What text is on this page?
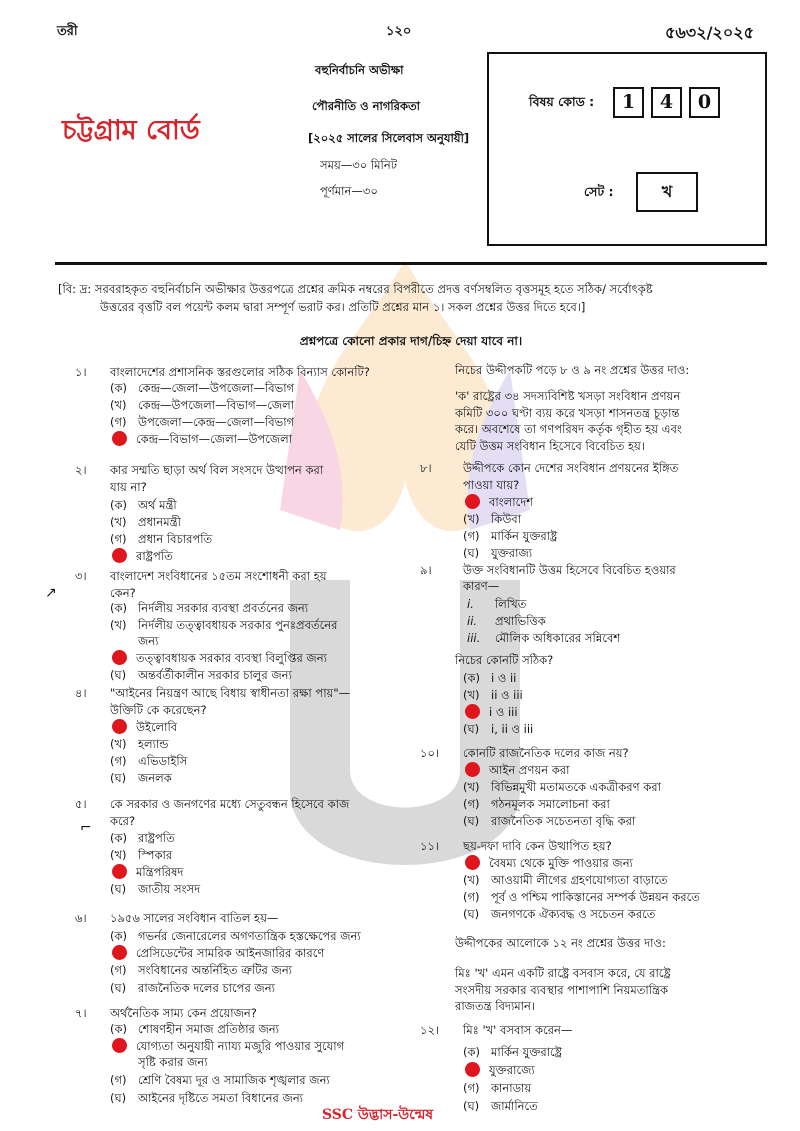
তরী	১২০	৫৬৩২/২০২৫
চট্টগ্রাম বোর্ড
বহুনির্বাচনি অভীক্ষা
পৌরনীতি ও নাগরিকতা
[২০২৫ সালের সিলেবাস অনুযায়ী]
সময়—৩০ মিনিট
পূর্ণমান—৩০
বিষয় কোড :	1	4	0
সেট :	খ
[বি: দ্র: সরবরাহকৃত বহুনির্বাচনি অভীক্ষার উত্তরপত্রে প্রশ্নের ক্রমিক নম্বরের বিপরীতে প্রদত্ত বর্ণসম্বলিত বৃত্তসমূহ হতে সঠিক/ সর্বোৎকৃষ্ট
উত্তরের বৃত্তটি বল পয়েন্ট কলম দ্বারা সম্পূর্ণ ভরাট কর। প্রতিটি প্রশ্নের মান ১। সকল প্রশ্নের উত্তর দিতে হবে।]
প্রশ্নপত্রে কোনো প্রকার দাগ/চিহ্ন দেয়া যাবে না।
১। বাংলাদেশের প্রশাসনিক স্তরগুলোর সঠিক বিন্যাস কোনটি?
(ক) কেন্দ্র—জেলা—উপজেলা—বিভাগ
(খ) কেন্দ্র—উপজেলা—বিভাগ—জেলা
(গ) উপজেলা—কেন্দ্র—জেলা—বিভাগ
কেন্দ্র—বিভাগ—জেলা—উপজেলা
২। কার সম্মতি ছাড়া অর্থ বিল সংসদে উত্থাপন করা
যায় না?
(ক) অর্থ মন্ত্রী
(খ) প্রধানমন্ত্রী
(গ) প্রধান বিচারপতি
রাষ্ট্রপতি
৩। বাংলাদেশ সংবিধানের ১৫তম সংশোধনী করা হয়
কেন?
(ক) নির্দলীয় সরকার ব্যবস্থা প্রবর্তনের জন্য
(খ) নির্দলীয় তত্ত্বাবধায়ক সরকার পুনঃপ্রবর্তনের
জন্য
তত্ত্বাবধায়ক সরকার ব্যবস্থা বিলুপ্তির জন্য
(ঘ) অন্তর্বর্তীকালীন সরকার চালুর জন্য
৪। "আইনের নিয়ন্ত্রণ আছে বিধায় স্বাধীনতা রক্ষা পায়"—
উক্তিটি কে করেছেন?
উইলোবি
(খ) হল্যান্ড
(গ) এভিডাইসি
(ঘ) জনলক
৫। কে সরকার ও জনগণের মধ্যে সেতুবন্ধন হিসেবে কাজ
করে?
(ক) রাষ্ট্রপতি
(খ) স্পিকার
মন্ত্রিপরিষদ
(ঘ) জাতীয় সংসদ
৬। ১৯৫৬ সালের সংবিধান বাতিল হয়—
(ক) গভর্নর জেনারেলের অগণতান্ত্রিক হস্তক্ষেপের জন্য
প্রেসিডেন্টের সামরিক আইনজারির কারণে
(গ) সংবিধানের অন্তর্নিহিত ত্রুটির জন্য
(ঘ) রাজনৈতিক দলের চাপের জন্য
৭। অর্থনৈতিক সাম্য কেন প্রয়োজন?
(ক) শোষণহীন সমাজ প্রতিষ্ঠার জন্য
যোগ্যতা অনুযায়ী ন্যায্য মজুরি পাওয়ার সুযোগ
সৃষ্টি করার জন্য
(গ) শ্রেণি বৈষম্য দূর ও সামাজিক শৃঙ্খলার জন্য
(ঘ) আইনের দৃষ্টিতে সমতা বিধানের জন্য
নিচের উদ্দীপকটি পড়ে ৮ ও ৯ নং প্রশ্নের উত্তর দাও:
'ক' রাষ্ট্রের ৩৪ সদস্যবিশিষ্ট খসড়া সংবিধান প্রণয়ন
কমিটি ৩০০ ঘণ্টা ব্যয় করে খসড়া শাসনতন্ত্র চূড়ান্ত
করে। অবশেষে তা গণপরিষদ কর্তৃক গৃহীত হয় এবং
যেটি উত্তম সংবিধান হিসেবে বিবেচিত হয়।
৮।	উদ্দীপকে কোন দেশের সংবিধান প্রণয়নের ইঙ্গিত
পাওয়া যায়?
বাংলাদেশ
(খ) কিউবা
(গ) মার্কিন যুক্তরাষ্ট্র
(ঘ) যুক্তরাজ্য
৯।	উক্ত সংবিধানটি উত্তম হিসেবে বিবেচিত হওয়ার
কারণ—
i. লিখিত
ii. প্রথাভিত্তিক
iii. মৌলিক অধিকারের সন্নিবেশ
নিচের কোনটি সঠিক?
(ক) i ও ii
(খ) ii ও iii
i ও iii
(ঘ) i, ii ও iii
১০। কোনটি রাজনৈতিক দলের কাজ নয়?
আইন প্রণয়ন করা
(খ) বিভিন্নমুখী মতামতকে একত্রীকরণ করা
(গ) গঠনমূলক সমালোচনা করা
(ঘ) রাজনৈতিক সচেতনতা বৃদ্ধি করা
১১। ছয়-দফা দাবি কেন উত্থাপিত হয়?
বৈষম্য থেকে মুক্তি পাওয়ার জন্য
(খ) আওয়ামী লীগের গ্রহণযোগ্যতা বাড়াতে
(গ) পূর্ব ও পশ্চিম পাকিস্তানের সম্পর্ক উন্নয়ন করতে
(ঘ) জনগণকে ঐক্যবদ্ধ ও সচেতন করতে
উদ্দীপকের আলোকে ১২ নং প্রশ্নের উত্তর দাও:
মিঃ 'খ' এমন একটি রাষ্ট্রে বসবাস করে, যে রাষ্ট্রে
সংসদীয় সরকার ব্যবস্থার পাশাপাশি নিয়মতান্ত্রিক
রাজতন্ত্র বিদ্যমান।
১২। মিঃ 'খ' বসবাস করেন—
(ক) মার্কিন যুক্তরাষ্ট্রে
যুক্তরাজ্যে
(গ) কানাডায়
(ঘ) জার্মানিতে
↗
⌐
SSC উদ্ভাস-উন্মেষ
